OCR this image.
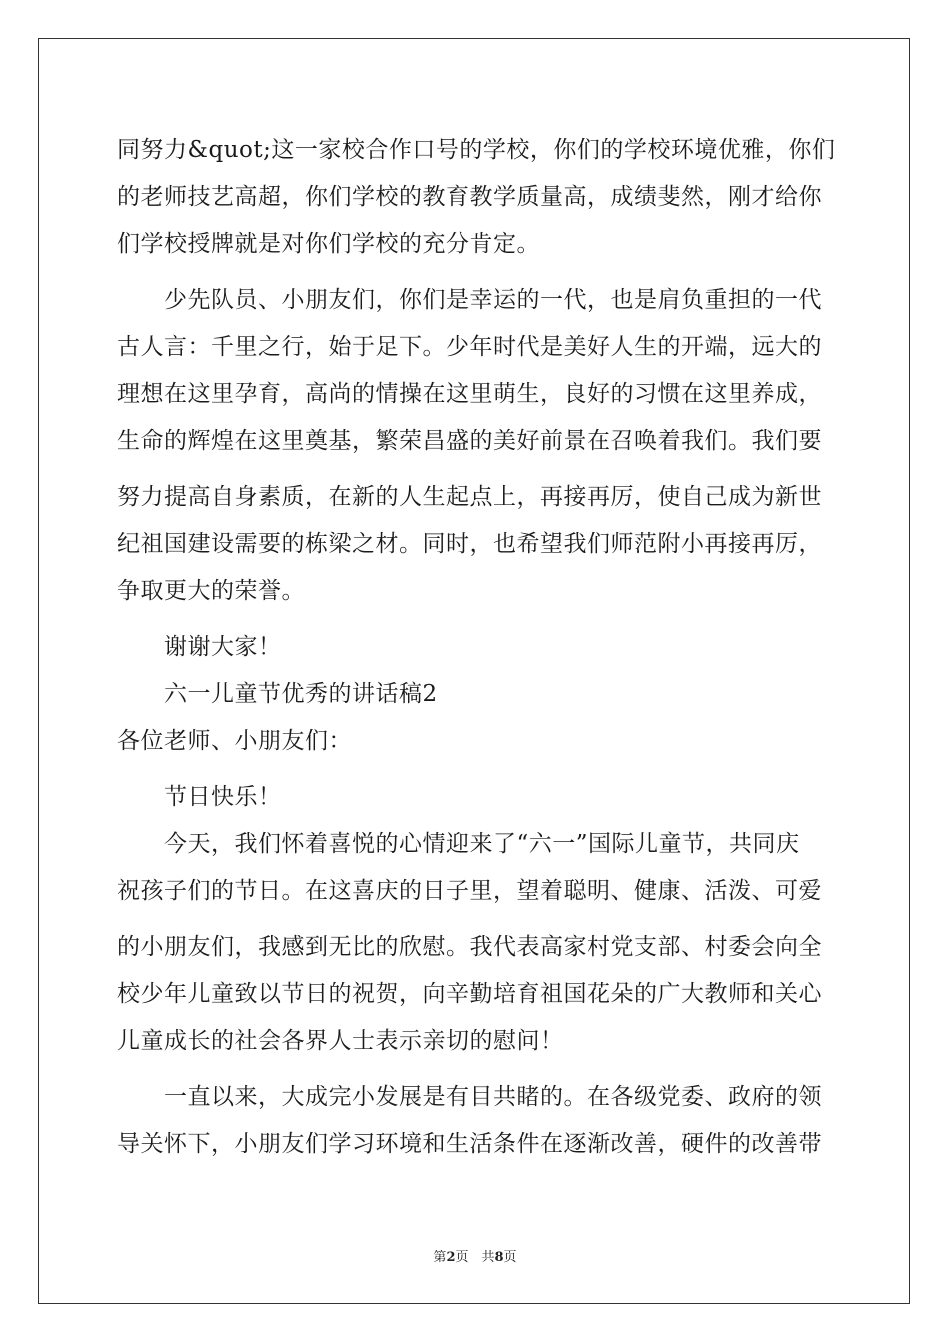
同努力&quot;这一家校合作口号的学校，你们的学校环境优雅，你们
的老师技艺高超，你们学校的教育教学质量高，成绩斐然，刚才给你
们学校授牌就是对你们学校的充分肯定。
　　少先队员、小朋友们，你们是幸运的一代，也是肩负重担的一代
古人言：千里之行，始于足下。少年时代是美好人生的开端，远大的
理想在这里孕育，高尚的情操在这里萌生，良好的习惯在这里养成，
生命的辉煌在这里奠基，繁荣昌盛的美好前景在召唤着我们。我们要
努力提高自身素质，在新的人生起点上，再接再厉，使自己成为新世
纪祖国建设需要的栋梁之材。同时，也希望我们师范附小再接再厉，
争取更大的荣誉。
　　谢谢大家！
　　六一儿童节优秀的讲话稿2
各位老师、小朋友们：
　　节日快乐！
　　今天，我们怀着喜悦的心情迎来了“六一”国际儿童节，共同庆
祝孩子们的节日。在这喜庆的日子里，望着聪明、健康、活泼、可爱
的小朋友们，我感到无比的欣慰。我代表高家村党支部、村委会向全
校少年儿童致以节日的祝贺，向辛勤培育祖国花朵的广大教师和关心
儿童成长的社会各界人士表示亲切的慰问！
　　一直以来，大成完小发展是有目共睹的。在各级党委、政府的领
导关怀下，小朋友们学习环境和生活条件在逐渐改善，硬件的改善带
第2页　共8页
